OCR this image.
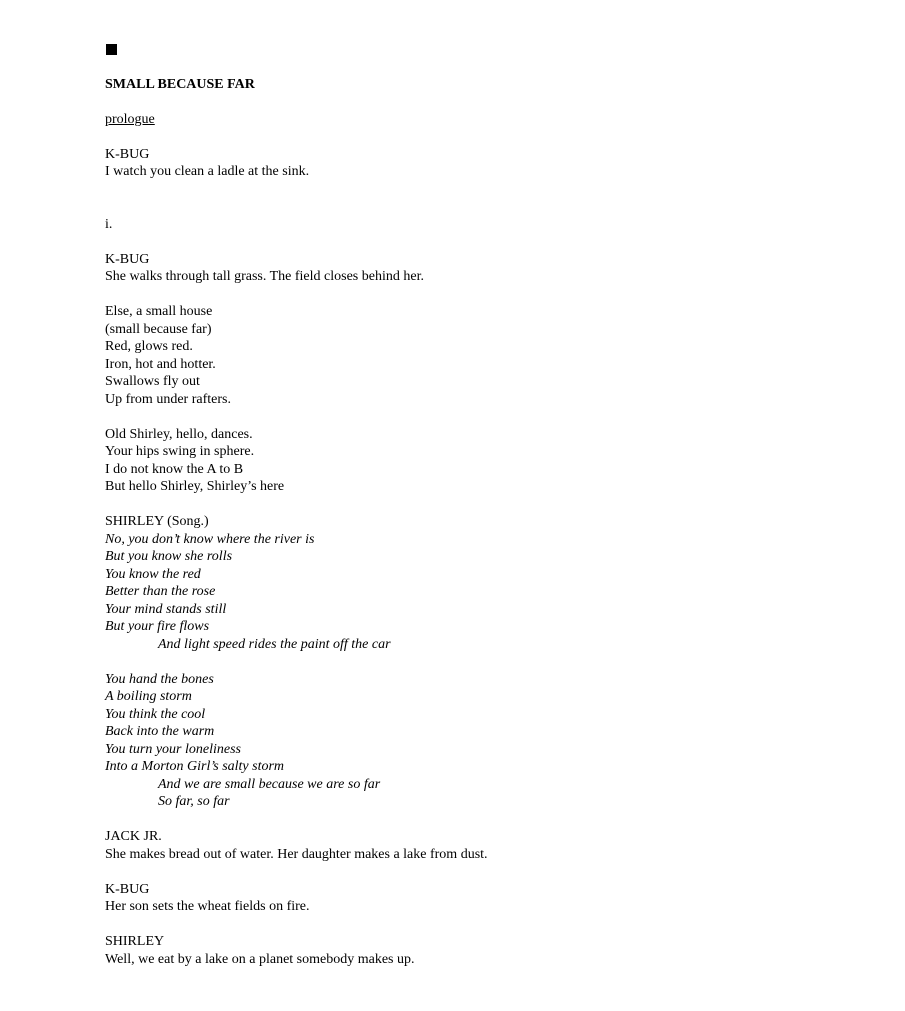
SMALL BECAUSE FAR
prologue
K-BUG
I watch you clean a ladle at the sink.
i.
K-BUG
She walks through tall grass. The field closes behind her.
Else, a small house
(small because far)
Red, glows red.
Iron, hot and hotter.
Swallows fly out
Up from under rafters.
Old Shirley, hello, dances.
Your hips swing in sphere.
I do not know the A to B
But hello Shirley, Shirley’s here
SHIRLEY (Song.)
No, you don’t know where the river is
But you know she rolls
You know the red
Better than the rose
Your mind stands still
But your fire flows
And light speed rides the paint off the car
You hand the bones
A boiling storm
You think the cool
Back into the warm
You turn your loneliness
Into a Morton Girl’s salty storm
And we are small because we are so far
So far, so far
JACK JR.
She makes bread out of water. Her daughter makes a lake from dust.
K-BUG
Her son sets the wheat fields on fire.
SHIRLEY
Well, we eat by a lake on a planet somebody makes up.
